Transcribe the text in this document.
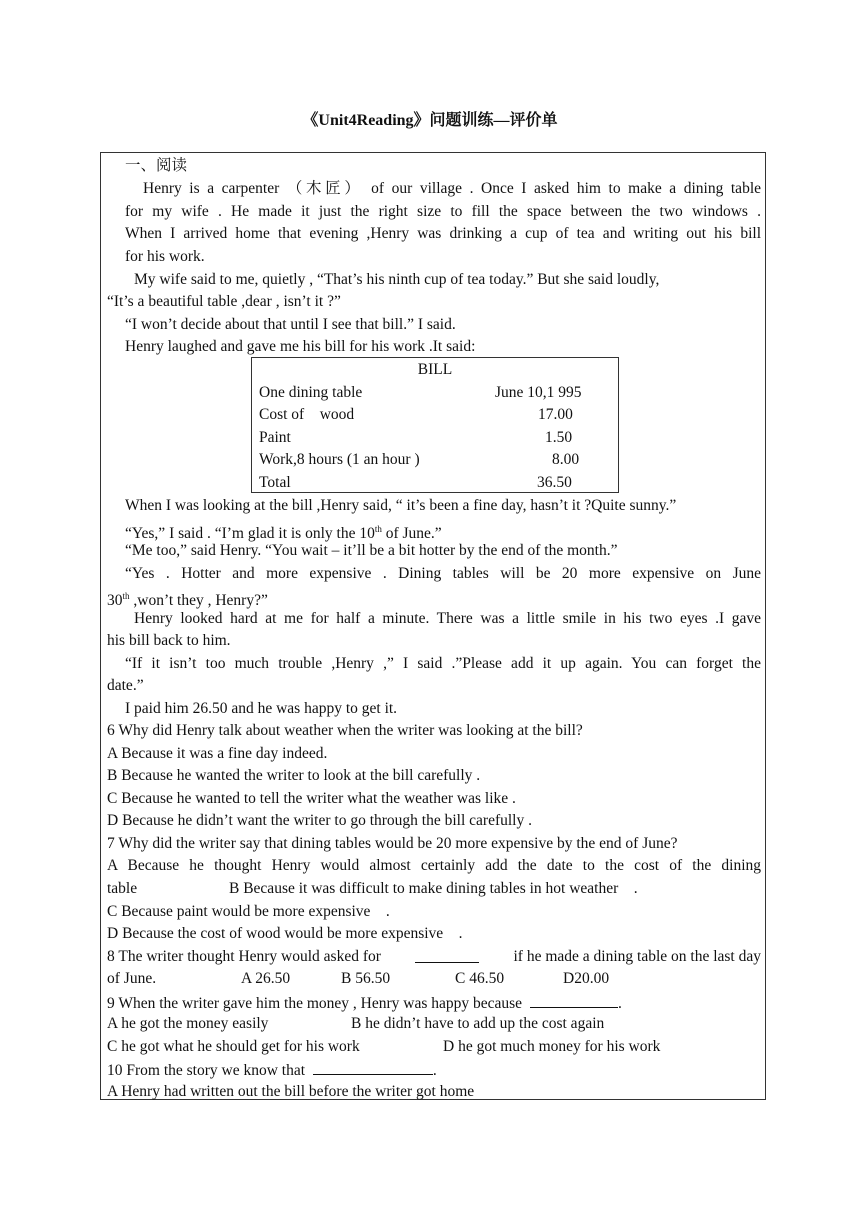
《Unit4Reading》问题训练—评价单
一、阅读
Henry is a carpenter （木匠） of our village . Once I asked him to make a dining table
for my wife . He made it just the right size to fill the space between the two windows .
When I arrived home that evening ,Henry was drinking a cup of tea and writing out his bill
for his work.
My wife said to me, quietly , “That’s his ninth cup of tea today.” But she said loudly,
“It’s a beautiful table ,dear , isn’t it ?”
“I won’t decide about that until I see that bill.” I said.
Henry laughed and gave me his bill for his work .It said:
BILL
One dining table	June 10,1 995
Cost of    wood	17.00
Paint	1.50
Work,8 hours (1 an hour )	8.00
Total	36.50
When I was looking at the bill ,Henry said, “ it’s been a fine day, hasn’t it ?Quite sunny.”
“Yes,” I said . “I’m glad it is only the 10th of June.”
“Me too,” said Henry. “You wait – it’ll be a bit hotter by the end of the month.”
“Yes . Hotter and more expensive . Dining tables will be 20 more expensive on June
30th ,won’t they , Henry?”
Henry looked hard at me for half a minute. There was a little smile in his two eyes .I gave
his bill back to him.
“If it isn’t too much trouble ,Henry ,” I said .”Please add it up again. You can forget the
date.”
I paid him 26.50 and he was happy to get it.
6 Why did Henry talk about weather when the writer was looking at the bill?
A Because it was a fine day indeed.
B Because he wanted the writer to look at the bill carefully .
C Because he wanted to tell the writer what the weather was like .
D Because he didn’t want the writer to go through the bill carefully .
7 Why did the writer say that dining tables would be 20 more expensive by the end of June?
A Because he thought Henry would almost certainly add the date to the cost of the dining
table	B Because it was difficult to make dining tables in hot weather    .
C Because paint would be more expensive    .
D Because the cost of wood would be more expensive    .
8 The writer thought Henry would asked for	if he made a dining table on the last day
of June.	A 26.50	B 56.50	C 46.50	D20.00
9 When the writer gave him the money , Henry was happy because	.
A he got the money easily	B he didn’t have to add up the cost again
C he got what he should get for his work	D he got much money for his work
10 From the story we know that	.
A Henry had written out the bill before the writer got home
